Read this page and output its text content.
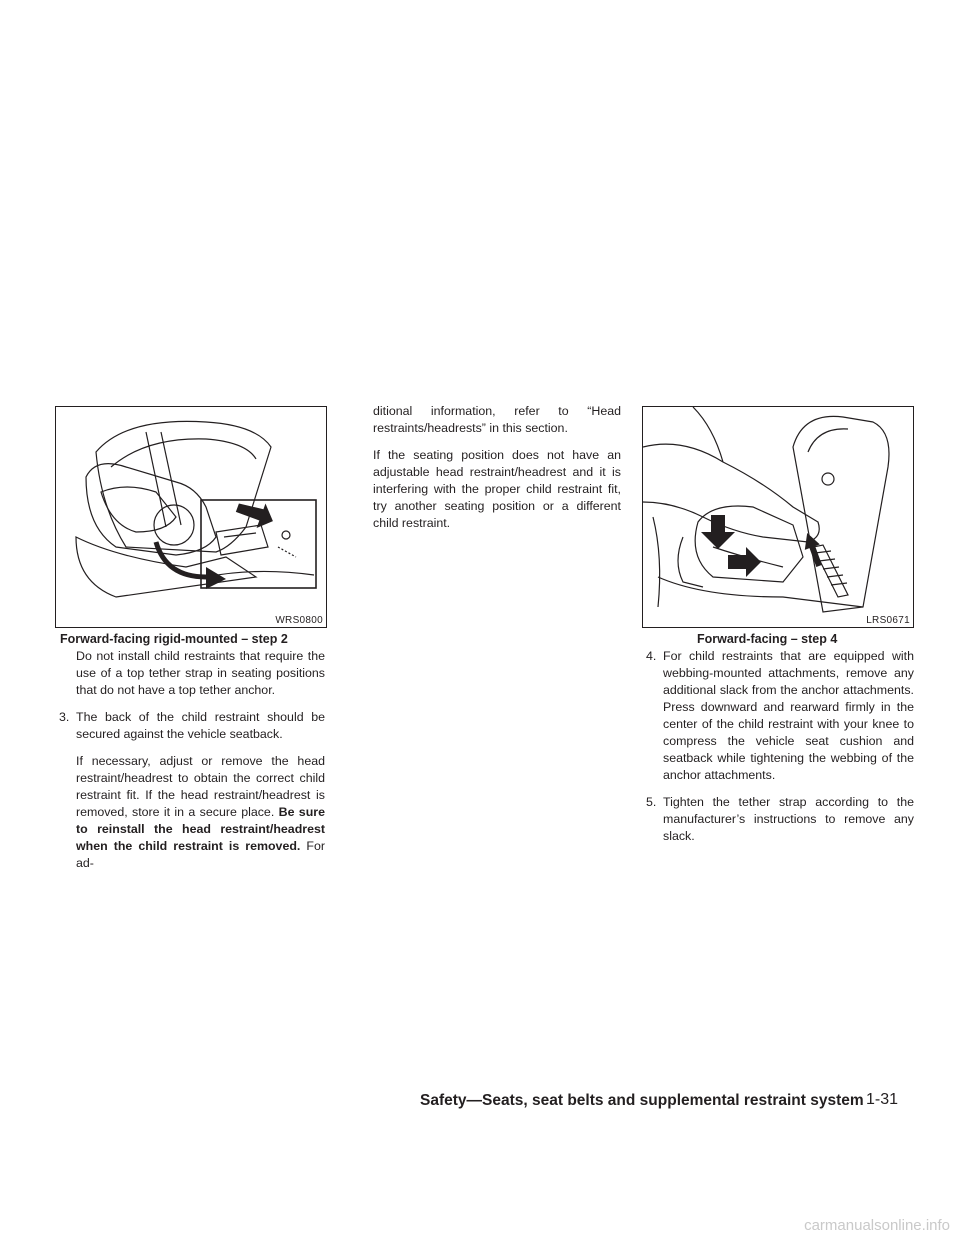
WRS0800
Forward-facing rigid-mounted – step 2
LRS0671
Forward-facing – step 4

Do not install child restraints that require the use of a top tether strap in seating positions that do not have a top tether anchor.

3. The back of the child restraint should be secured against the vehicle seatback.

If necessary, adjust or remove the head restraint/headrest to obtain the correct child restraint fit. If the head restraint/headrest is removed, store it in a secure place. Be sure to reinstall the head restraint/headrest when the child restraint is removed. For ad-

ditional information, refer to “Head restraints/headrests” in this section.

If the seating position does not have an adjustable head restraint/headrest and it is interfering with the proper child restraint fit, try another seating position or a different child restraint.

4. For child restraints that are equipped with webbing-mounted attachments, remove any additional slack from the anchor attachments. Press downward and rearward firmly in the center of the child restraint with your knee to compress the vehicle seat cushion and seatback while tightening the webbing of the anchor attachments.
5. Tighten the tether strap according to the manufacturer’s instructions to remove any slack.
Safety—Seats, seat belts and supplemental restraint system 1-31
carmanualsonline.info
